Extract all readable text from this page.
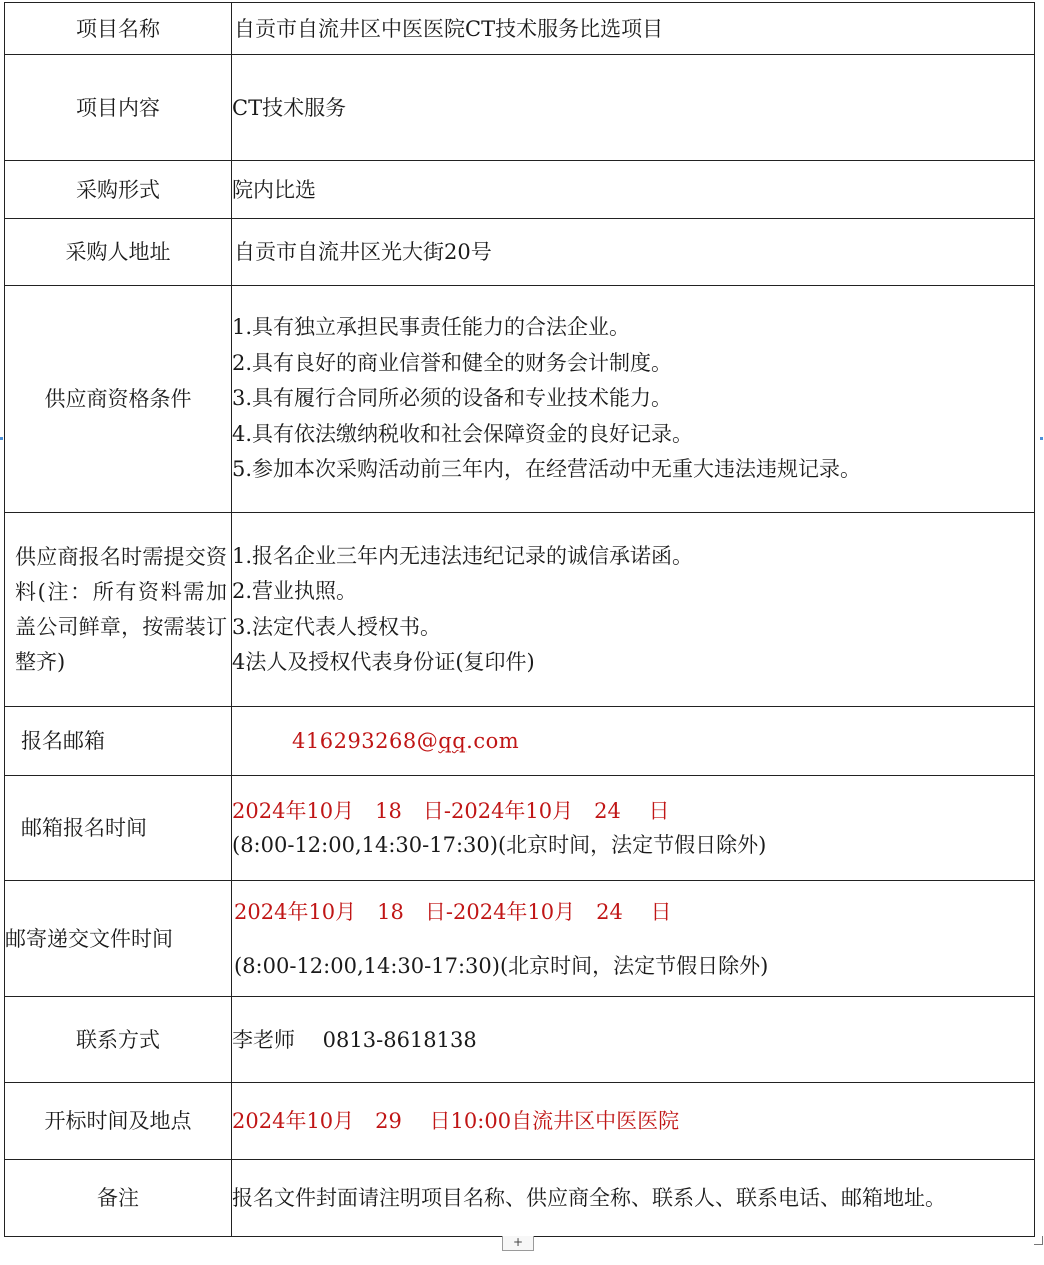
项目名称	自贡市自流井区中医医院CT技术服务比选项目
项目内容	CT技术服务
采购形式	院内比选
采购人地址	自贡市自流井区光大街20号
供应商资格条件	1.具有独立承担民事责任能力的合法企业。
2.具有良好的商业信誉和健全的财务会计制度。
3.具有履行合同所必须的设备和专业技术能力。
4.具有依法缴纳税收和社会保障资金的良好记录。
5.参加本次采购活动前三年内，在经营活动中无重大违法违规记录。

供应商报名时需提交资料(注：所有资料需加盖公司鲜章，按需装订整齐)	1.报名企业三年内无违法违纪记录的诚信承诺函。
2.营业执照。
3.法定代表人授权书。
4法人及授权代表身份证(复印件)

报名邮箱	416293268@qq.com
邮箱报名时间	2024年10月　18　日-2024年10月　24　 日
(8:00-12:00,14:30-17:30)(北京时间，法定节假日除外)

邮寄递交文件时间	2024年10月　18　日-2024年10月　24　 日
(8:00-12:00,14:30-17:30)(北京时间，法定节假日除外)

联系方式	李老师　 0813-8618138
开标时间及地点	2024年10月　29　 日10:00自流井区中医医院
备注	报名文件封面请注明项目名称、供应商全称、联系人、联系电话、邮箱地址。
+
